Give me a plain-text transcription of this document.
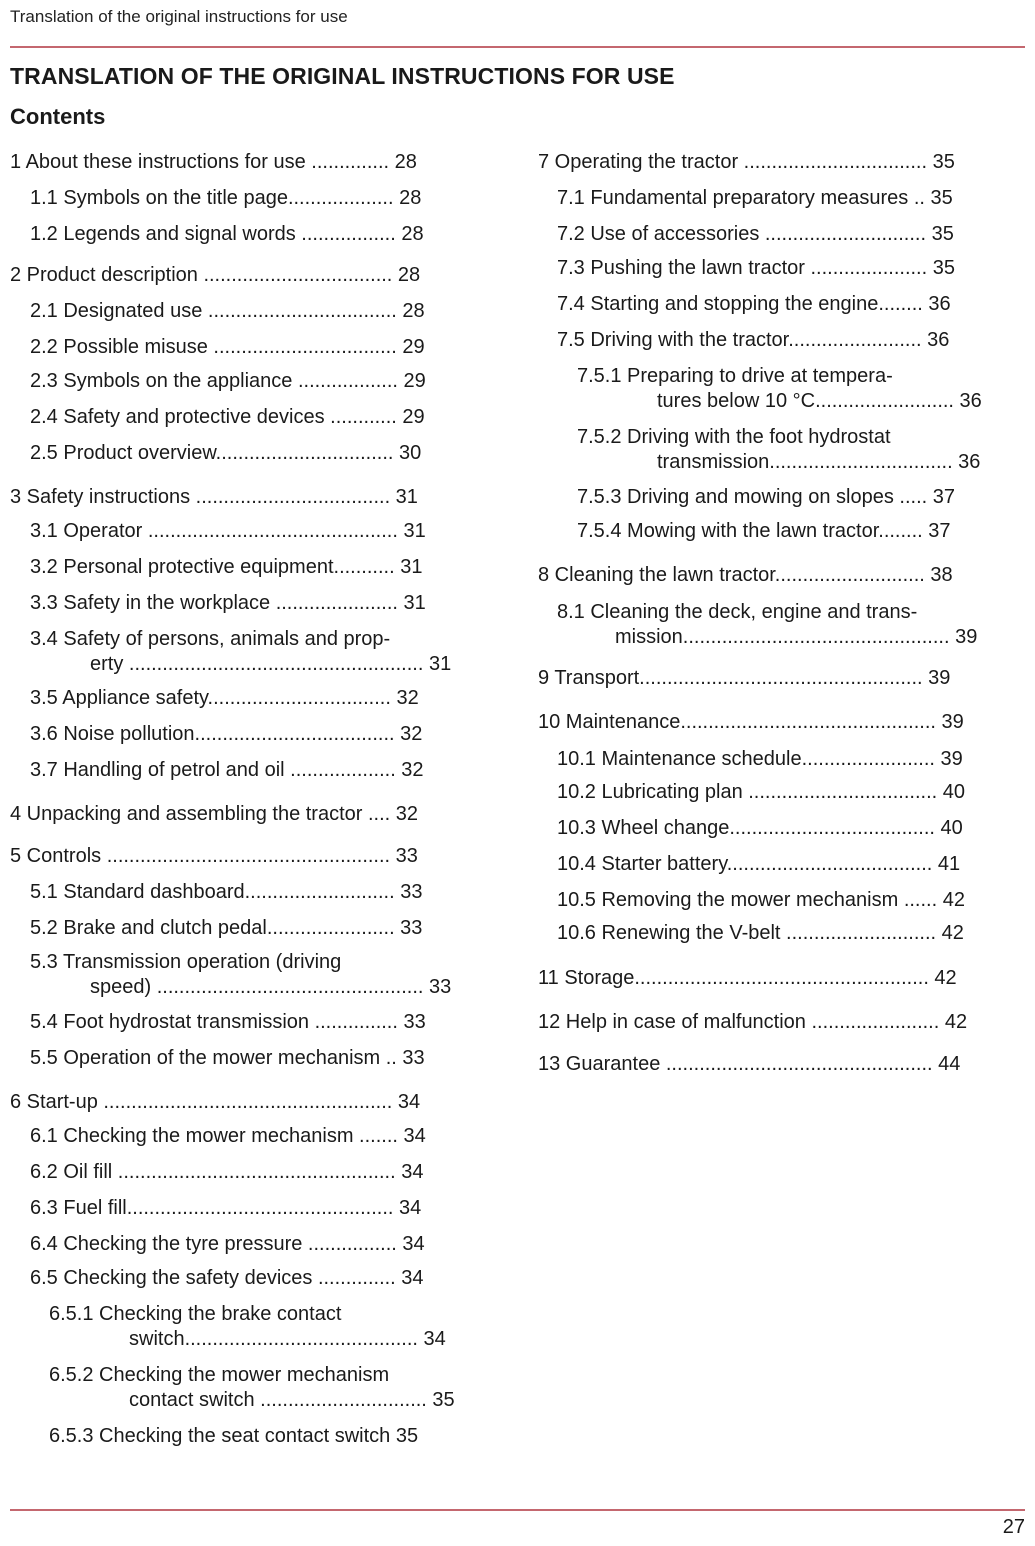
Translation of the original instructions for use
TRANSLATION OF THE ORIGINAL INSTRUCTIONS FOR USE
Contents
1 About these instructions for use .............. 28
1.1 Symbols on the title page................... 28
1.2 Legends and signal words ................. 28
2 Product description .................................. 28
2.1 Designated use .................................. 28
2.2 Possible misuse ................................. 29
2.3 Symbols on the appliance .................. 29
2.4 Safety and protective devices ............ 29
2.5 Product overview................................ 30
3 Safety instructions ................................... 31
3.1 Operator ............................................. 31
3.2 Personal protective equipment........... 31
3.3 Safety in the workplace ...................... 31
3.4 Safety of persons, animals and prop-
erty ..................................................... 31
3.5 Appliance safety................................. 32
3.6 Noise pollution.................................... 32
3.7 Handling of petrol and oil ................... 32
4 Unpacking and assembling the tractor .... 32
5 Controls ................................................... 33
5.1 Standard dashboard........................... 33
5.2 Brake and clutch pedal....................... 33
5.3 Transmission operation (driving
speed) ................................................ 33
5.4 Foot hydrostat transmission ............... 33
5.5 Operation of the mower mechanism .. 33
6 Start-up .................................................... 34
6.1 Checking the mower mechanism ....... 34
6.2 Oil fill .................................................. 34
6.3 Fuel fill................................................ 34
6.4 Checking the tyre pressure ................ 34
6.5 Checking the safety devices .............. 34
6.5.1 Checking the brake contact
switch.......................................... 34
6.5.2 Checking the mower mechanism
contact switch .............................. 35
6.5.3 Checking the seat contact switch 35
7 Operating the tractor ................................. 35
7.1 Fundamental preparatory measures .. 35
7.2 Use of accessories ............................. 35
7.3 Pushing the lawn tractor ..................... 35
7.4 Starting and stopping the engine........ 36
7.5 Driving with the tractor........................ 36
7.5.1 Preparing to drive at tempera-
tures below 10 °C......................... 36
7.5.2 Driving with the foot hydrostat
transmission................................. 36
7.5.3 Driving and mowing on slopes ..... 37
7.5.4 Mowing with the lawn tractor........ 37
8 Cleaning the lawn tractor........................... 38
8.1 Cleaning the deck, engine and trans-
mission................................................ 39
9 Transport................................................... 39
10 Maintenance.............................................. 39
10.1 Maintenance schedule........................ 39
10.2 Lubricating plan .................................. 40
10.3 Wheel change..................................... 40
10.4 Starter battery..................................... 41
10.5 Removing the mower mechanism ...... 42
10.6 Renewing the V-belt ........................... 42
11 Storage..................................................... 42
12 Help in case of malfunction ....................... 42
13 Guarantee ................................................ 44
27
